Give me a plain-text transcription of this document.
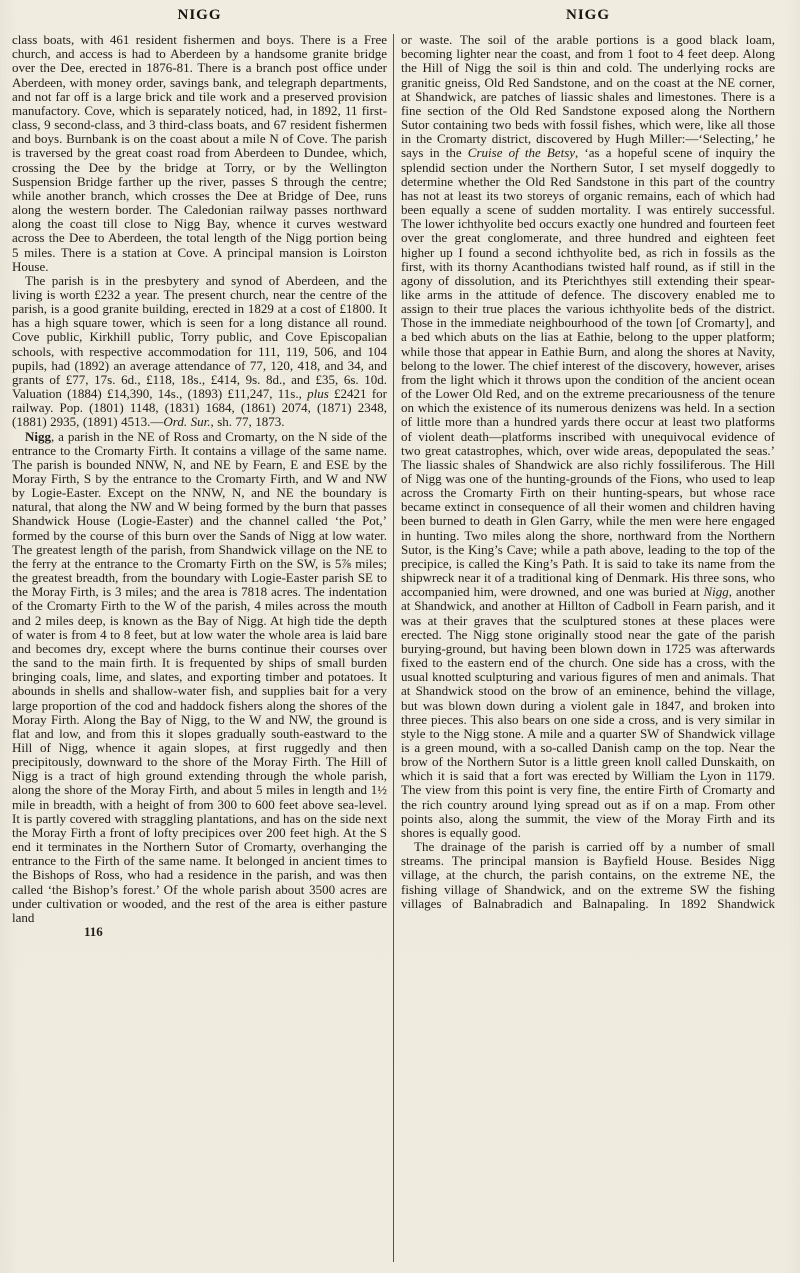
NIGG

class boats, with 461 resident fishermen and boys. There is a Free church, and access is had to Aberdeen by a handsome granite bridge over the Dee, erected in 1876-81. There is a branch post office under Aberdeen, with money order, savings bank, and telegraph departments, and not far off is a large brick and tile work and a preserved provision manufactory. Cove, which is separately noticed, had, in 1892, 11 first-class, 9 second-class, and 3 third-class boats, and 67 resident fishermen and boys. Burnbank is on the coast about a mile N of Cove. The parish is traversed by the great coast road from Aberdeen to Dundee, which, crossing the Dee by the bridge at Torry, or by the Wellington Suspension Bridge farther up the river, passes S through the centre; while another branch, which crosses the Dee at Bridge of Dee, runs along the western border. The Caledonian railway passes northward along the coast till close to Nigg Bay, whence it curves westward across the Dee to Aberdeen, the total length of the Nigg portion being 5 miles. There is a station at Cove. A principal mansion is Loirston House.

The parish is in the presbytery and synod of Aberdeen, and the living is worth £232 a year. The present church, near the centre of the parish, is a good granite building, erected in 1829 at a cost of £1800. It has a high square tower, which is seen for a long distance all round. Cove public, Kirkhill public, Torry public, and Cove Episcopalian schools, with respective accommodation for 111, 119, 506, and 104 pupils, had (1892) an average attendance of 77, 120, 418, and 34, and grants of £77, 17s. 6d., £118, 18s., £414, 9s. 8d., and £35, 6s. 10d. Valuation (1884) £14,390, 14s., (1893) £11,247, 11s., plus £2421 for railway. Pop. (1801) 1148, (1831) 1684, (1861) 2074, (1871) 2348, (1881) 2935, (1891) 4513.—Ord. Sur., sh. 77, 1873.

Nigg, a parish in the NE of Ross and Cromarty, on the N side of the entrance to the Cromarty Firth. It contains a village of the same name. The parish is bounded NNW, N, and NE by Fearn, E and ESE by the Moray Firth, S by the entrance to the Cromarty Firth, and W and NW by Logie-Easter. Except on the NNW, N, and NE the boundary is natural, that along the NW and W being formed by the burn that passes Shandwick House (Logie-Easter) and the channel called ‘the Pot,’ formed by the course of this burn over the Sands of Nigg at low water. The greatest length of the parish, from Shandwick village on the NE to the ferry at the entrance to the Cromarty Firth on the SW, is 5⅞ miles; the greatest breadth, from the boundary with Logie-Easter parish SE to the Moray Firth, is 3 miles; and the area is 7818 acres. The indentation of the Cromarty Firth to the W of the parish, 4 miles across the mouth and 2 miles deep, is known as the Bay of Nigg. At high tide the depth of water is from 4 to 8 feet, but at low water the whole area is laid bare and becomes dry, except where the burns continue their courses over the sand to the main firth. It is frequented by ships of small burden bringing coals, lime, and slates, and exporting timber and potatoes. It abounds in shells and shallow-water fish, and supplies bait for a very large proportion of the cod and haddock fishers along the shores of the Moray Firth. Along the Bay of Nigg, to the W and NW, the ground is flat and low, and from this it slopes gradually south-eastward to the Hill of Nigg, whence it again slopes, at first ruggedly and then precipitously, downward to the shore of the Moray Firth. The Hill of Nigg is a tract of high ground extending through the whole parish, along the shore of the Moray Firth, and about 5 miles in length and 1½ mile in breadth, with a height of from 300 to 600 feet above sea-level. It is partly covered with straggling plantations, and has on the side next the Moray Firth a front of lofty precipices over 200 feet high. At the S end it terminates in the Northern Sutor of Cromarty, overhanging the entrance to the Firth of the same name. It belonged in ancient times to the Bishops of Ross, who had a residence in the parish, and was then called ‘the Bishop’s forest.’ Of the whole parish about 3500 acres are under cultivation or wooded, and the rest of the area is either pasture land

116
NIGG

or waste. The soil of the arable portions is a good black loam, becoming lighter near the coast, and from 1 foot to 4 feet deep. Along the Hill of Nigg the soil is thin and cold. The underlying rocks are granitic gneiss, Old Red Sandstone, and on the coast at the NE corner, at Shandwick, are patches of liassic shales and limestones. There is a fine section of the Old Red Sandstone exposed along the Northern Sutor containing two beds with fossil fishes, which were, like all those in the Cromarty district, discovered by Hugh Miller:—‘Selecting,’ he says in the Cruise of the Betsy, ‘as a hopeful scene of inquiry the splendid section under the Northern Sutor, I set myself doggedly to determine whether the Old Red Sandstone in this part of the country has not at least its two storeys of organic remains, each of which had been equally a scene of sudden mortality. I was entirely successful. The lower ichthyolite bed occurs exactly one hundred and fourteen feet over the great conglomerate, and three hundred and eighteen feet higher up I found a second ichthyolite bed, as rich in fossils as the first, with its thorny Acanthodians twisted half round, as if still in the agony of dissolution, and its Pterichthyes still extending their spear-like arms in the attitude of defence. The discovery enabled me to assign to their true places the various ichthyolite beds of the district. Those in the immediate neighbourhood of the town [of Cromarty], and a bed which abuts on the lias at Eathie, belong to the upper platform; while those that appear in Eathie Burn, and along the shores at Navity, belong to the lower. The chief interest of the discovery, however, arises from the light which it throws upon the condition of the ancient ocean of the Lower Old Red, and on the extreme precariousness of the tenure on which the existence of its numerous denizens was held. In a section of little more than a hundred yards there occur at least two platforms of violent death—platforms inscribed with unequivocal evidence of two great catastrophes, which, over wide areas, depopulated the seas.’ The liassic shales of Shandwick are also richly fossiliferous. The Hill of Nigg was one of the hunting-grounds of the Fions, who used to leap across the Cromarty Firth on their hunting-spears, but whose race became extinct in consequence of all their women and children having been burned to death in Glen Garry, while the men were here engaged in hunting. Two miles along the shore, northward from the Northern Sutor, is the King’s Cave; while a path above, leading to the top of the precipice, is called the King’s Path. It is said to take its name from the shipwreck near it of a traditional king of Denmark. His three sons, who accompanied him, were drowned, and one was buried at Nigg, another at Shandwick, and another at Hillton of Cadboll in Fearn parish, and it was at their graves that the sculptured stones at these places were erected. The Nigg stone originally stood near the gate of the parish burying-ground, but having been blown down in 1725 was afterwards fixed to the eastern end of the church. One side has a cross, with the usual knotted sculpturing and various figures of men and animals. That at Shandwick stood on the brow of an eminence, behind the village, but was blown down during a violent gale in 1847, and broken into three pieces. This also bears on one side a cross, and is very similar in style to the Nigg stone. A mile and a quarter SW of Shandwick village is a green mound, with a so-called Danish camp on the top. Near the brow of the Northern Sutor is a little green knoll called Dunskaith, on which it is said that a fort was erected by William the Lyon in 1179. The view from this point is very fine, the entire Firth of Cromarty and the rich country around lying spread out as if on a map. From other points also, along the summit, the view of the Moray Firth and its shores is equally good.

The drainage of the parish is carried off by a number of small streams. The principal mansion is Bayfield House. Besides Nigg village, at the church, the parish contains, on the extreme NE, the fishing village of Shandwick, and on the extreme SW the fishing villages of Balnabradich and Balnapaling. In 1892 Shandwick
